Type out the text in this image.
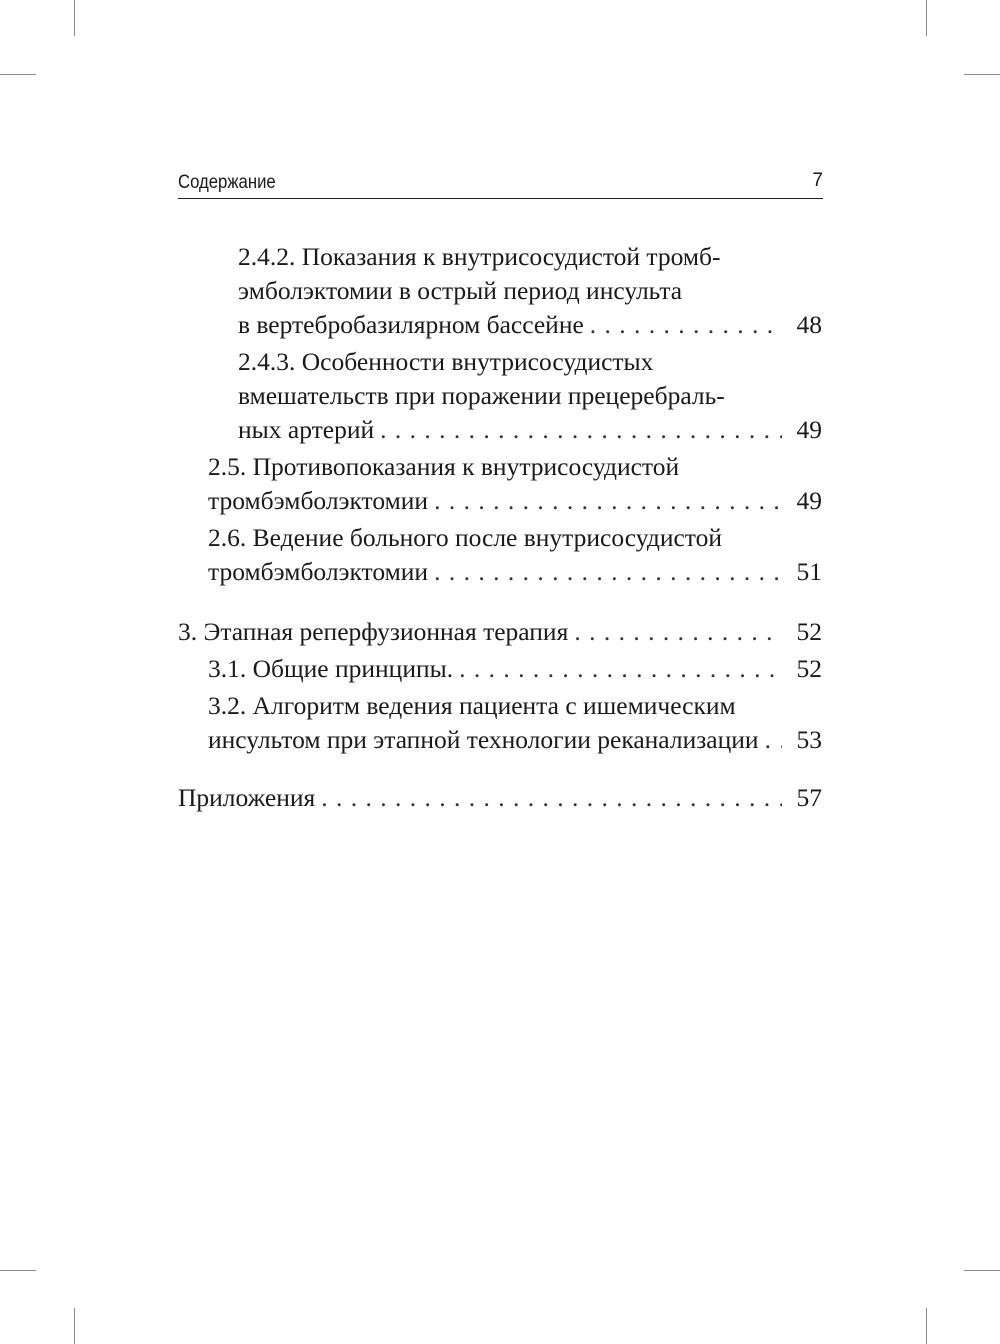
Содержание	7
2.4.2. Показания к внутрисосудистой тромб-
эмболэктомии в острый период инсульта
в вертебробазилярном бассейне . . .	48
2.4.3. Особенности внутрисосудистых
вмешательств при поражении прецеребраль-
ных артерий . . .	49
2.5. Противопоказания к внутрисосудистой
тромбэмболэктомии . . .	49
2.6. Ведение больного после внутрисосудистой
тромбэмболэктомии . . .	51
3. Этапная реперфузионная терапия . . .	52
3.1. Общие принципы. . . .	52
3.2. Алгоритм ведения пациента с ишемическим
инсультом при этапной технологии реканализации . . .	53
Приложения . . .	57
